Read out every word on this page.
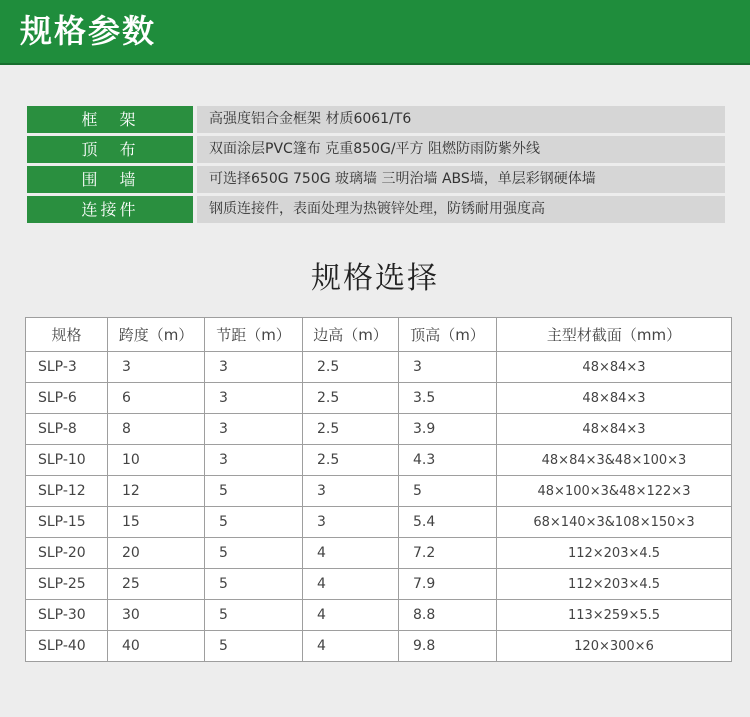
规格参数
框　架	高强度铝合金框架 材质6061/T6
顶　布	双面涂层PVC篷布 克重850G/平方 阻燃防雨防紫外线
围　墙	可选择650G 750G 玻璃墙 三明治墙 ABS墙，单层彩钢硬体墙
连接件	钢质连接件，表面处理为热镀锌处理，防锈耐用强度高
规格选择
规格	跨度（m）	节距（m）	边高（m）	顶高（m）	主型材截面（mm）
SLP-3	3	3	2.5	3	48×84×3
SLP-6	6	3	2.5	3.5	48×84×3
SLP-8	8	3	2.5	3.9	48×84×3
SLP-10	10	3	2.5	4.3	48×84×3&48×100×3
SLP-12	12	5	3	5	48×100×3&48×122×3
SLP-15	15	5	3	5.4	68×140×3&108×150×3
SLP-20	20	5	4	7.2	112×203×4.5
SLP-25	25	5	4	7.9	112×203×4.5
SLP-30	30	5	4	8.8	113×259×5.5
SLP-40	40	5	4	9.8	120×300×6
